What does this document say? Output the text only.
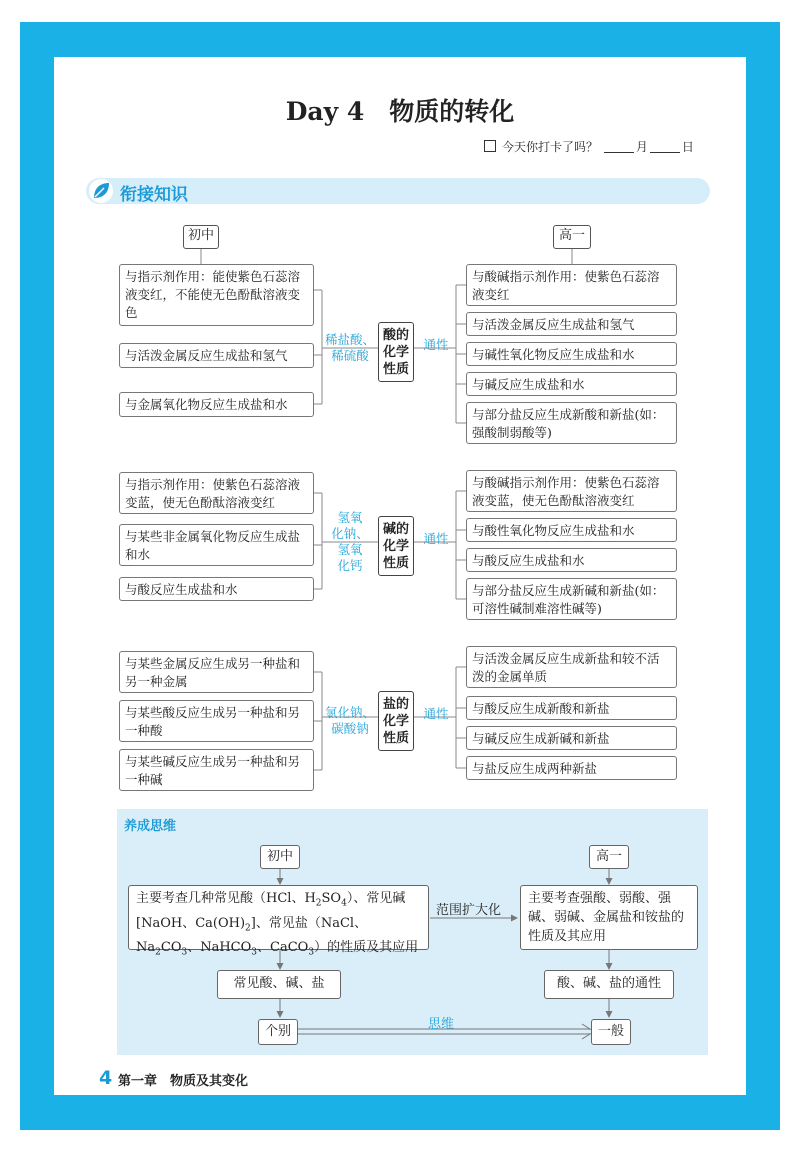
Day 4　物质的转化
今天你打卡了吗？	月	日
衔接知识
初中	高一
与指示剂作用：能使紫色石蕊溶液变红，不能使无色酚酞溶液变色
与活泼金属反应生成盐和氢气
与金属氧化物反应生成盐和水
稀盐酸、
稀硫酸
酸的
化学
性质
通性
与酸碱指示剂作用：使紫色石蕊溶液变红
与活泼金属反应生成盐和氢气
与碱性氧化物反应生成盐和水
与碱反应生成盐和水
与部分盐反应生成新酸和新盐(如：强酸制弱酸等)
与指示剂作用：使紫色石蕊溶液变蓝，使无色酚酞溶液变红
与某些非金属氧化物反应生成盐和水
与酸反应生成盐和水
氢氧
化钠、
氢氧
化钙
碱的
化学
性质
通性
与酸碱指示剂作用：使紫色石蕊溶液变蓝，使无色酚酞溶液变红
与酸性氧化物反应生成盐和水
与酸反应生成盐和水
与部分盐反应生成新碱和新盐(如：可溶性碱制难溶性碱等)
与某些金属反应生成另一种盐和另一种金属
与某些酸反应生成另一种盐和另一种酸
与某些碱反应生成另一种盐和另一种碱
氯化钠、
碳酸钠
盐的
化学
性质
通性
与活泼金属反应生成新盐和较不活泼的金属单质
与酸反应生成新酸和新盐
与碱反应生成新碱和新盐
与盐反应生成两种新盐
养成思维
初中	高一
主要考查几种常见酸（HCl、$H_2SO_4$）、常见碱[NaOH、$Ca(OH)_2$]、常见盐（NaCl、$Na_2CO_3$、NaHCO$_3$、CaCO$_3$）的性质及其应用
范围扩大化
主要考查强酸、弱酸、强碱、弱碱、金属盐和铵盐的性质及其应用
常见酸、碱、盐	酸、碱、盐的通性
个别	一般
思维
4 第一章　物质及其变化
